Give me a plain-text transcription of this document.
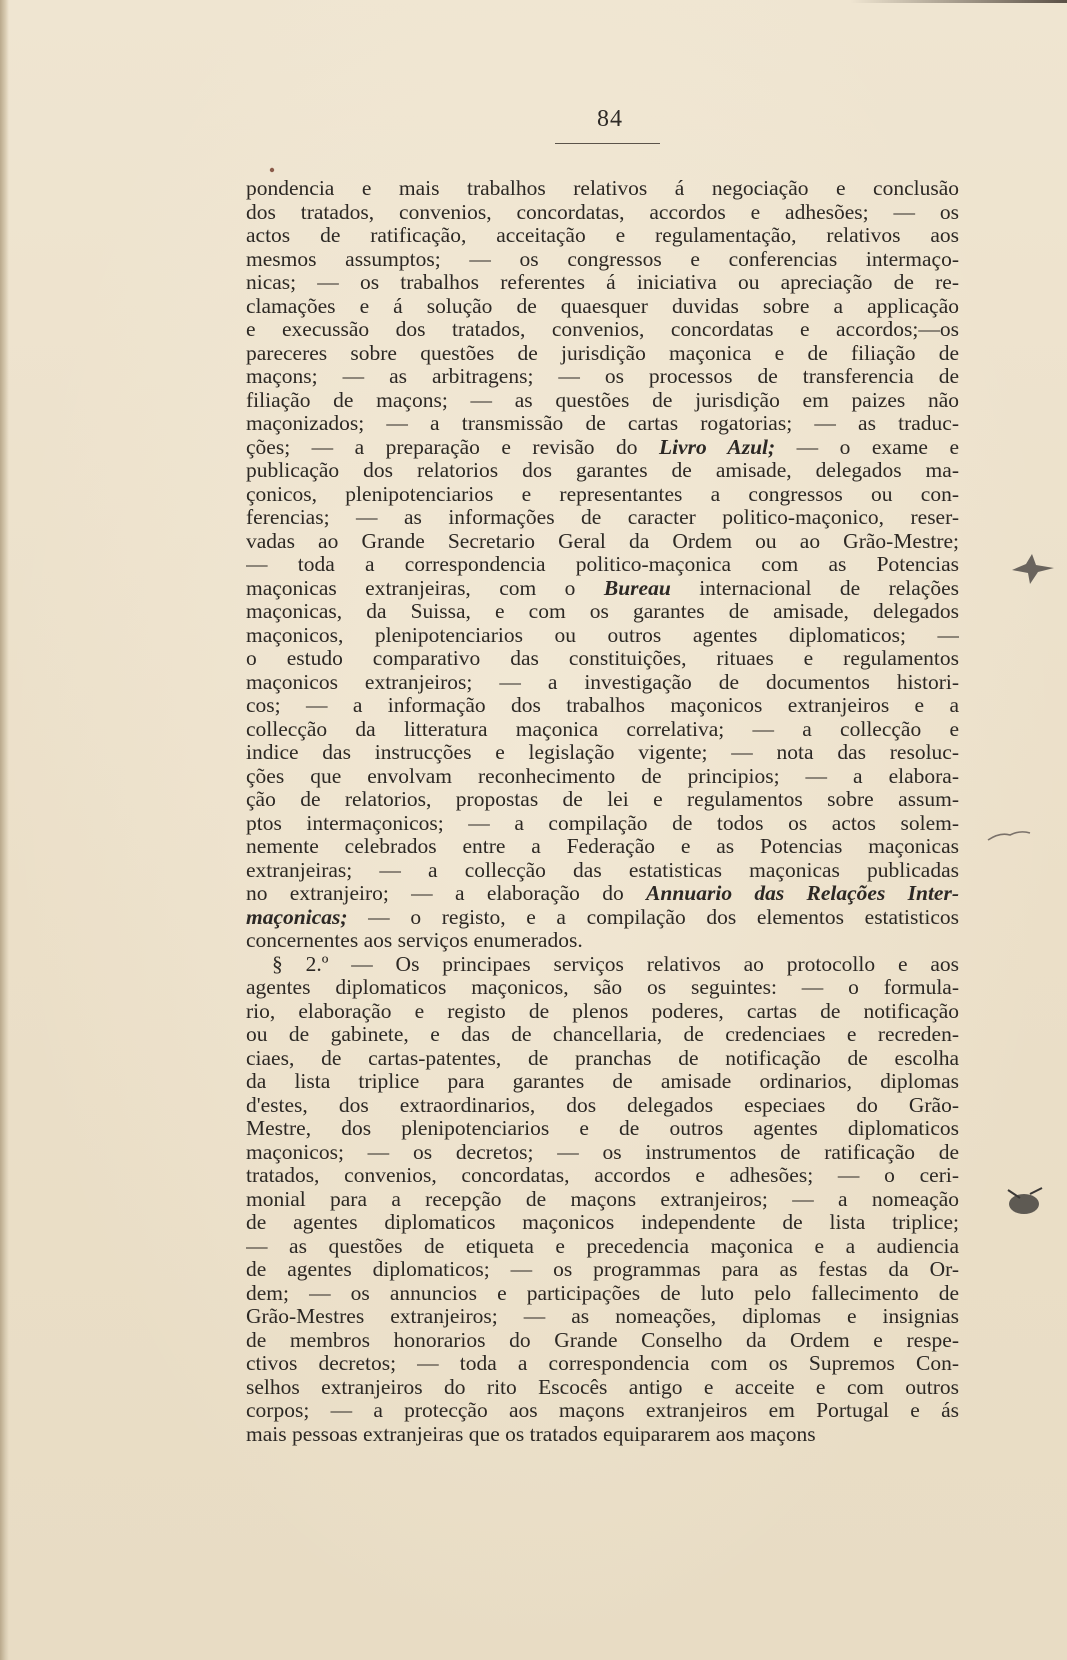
84
pondencia e mais trabalhos relativos á negociação e conclusão
dos tratados, convenios, concordatas, accordos e adhesões; — os
actos de ratificação, acceitação e regulamentação, relativos aos
mesmos assumptos; — os congressos e conferencias intermaço-
nicas; — os trabalhos referentes á iniciativa ou apreciação de re-
clamações e á solução de quaesquer duvidas sobre a applicação
e execussão dos tratados, convenios, concordatas e accordos;—os
pareceres sobre questões de jurisdição maçonica e de filiação de
maçons; — as arbitragens; — os processos de transferencia de
filiação de maçons; — as questões de jurisdição em paizes não
maçonizados; — a transmissão de cartas rogatorias; — as traduc-
ções; — a preparação e revisão do Livro Azul; — o exame e
publicação dos relatorios dos garantes de amisade, delegados ma-
çonicos, plenipotenciarios e representantes a congressos ou con-
ferencias; — as informações de caracter politico-maçonico, reser-
vadas ao Grande Secretario Geral da Ordem ou ao Grão-Mestre;
— toda a correspondencia politico-maçonica com as Potencias
maçonicas extranjeiras, com o Bureau internacional de relações
maçonicas, da Suissa, e com os garantes de amisade, delegados
maçonicos, plenipotenciarios ou outros agentes diplomaticos; —
o estudo comparativo das constituições, rituaes e regulamentos
maçonicos extranjeiros; — a investigação de documentos histori-
cos; — a informação dos trabalhos maçonicos extranjeiros e a
collecção da litteratura maçonica correlativa; — a collecção e
indice das instrucções e legislação vigente; — nota das resoluc-
ções que envolvam reconhecimento de principios; — a elabora-
ção de relatorios, propostas de lei e regulamentos sobre assum-
ptos intermaçonicos; — a compilação de todos os actos solem-
nemente celebrados entre a Federação e as Potencias maçonicas
extranjeiras; — a collecção das estatisticas maçonicas publicadas
no extranjeiro; — a elaboração do Annuario das Relações Inter-
maçonicas; — o registo, e a compilação dos elementos estatisticos
concernentes aos serviços enumerados.
§ 2.º — Os principaes serviços relativos ao protocollo e aos
agentes diplomaticos maçonicos, são os seguintes: — o formula-
rio, elaboração e registo de plenos poderes, cartas de notificação
ou de gabinete, e das de chancellaria, de credenciaes e recreden-
ciaes, de cartas-patentes, de pranchas de notificação de escolha
da lista triplice para garantes de amisade ordinarios, diplomas
d'estes, dos extraordinarios, dos delegados especiaes do Grão-
Mestre, dos plenipotenciarios e de outros agentes diplomaticos
maçonicos; — os decretos; — os instrumentos de ratificação de
tratados, convenios, concordatas, accordos e adhesões; — o ceri-
monial para a recepção de maçons extranjeiros; — a nomeação
de agentes diplomaticos maçonicos independente de lista triplice;
— as questões de etiqueta e precedencia maçonica e a audiencia
de agentes diplomaticos; — os programmas para as festas da Or-
dem; — os annuncios e participações de luto pelo fallecimento de
Grão-Mestres extranjeiros; — as nomeações, diplomas e insignias
de membros honorarios do Grande Conselho da Ordem e respe-
ctivos decretos; — toda a correspondencia com os Supremos Con-
selhos extranjeiros do rito Escocês antigo e acceite e com outros
corpos; — a protecção aos maçons extranjeiros em Portugal e ás
mais pessoas extranjeiras que os tratados equipararem aos maçons
